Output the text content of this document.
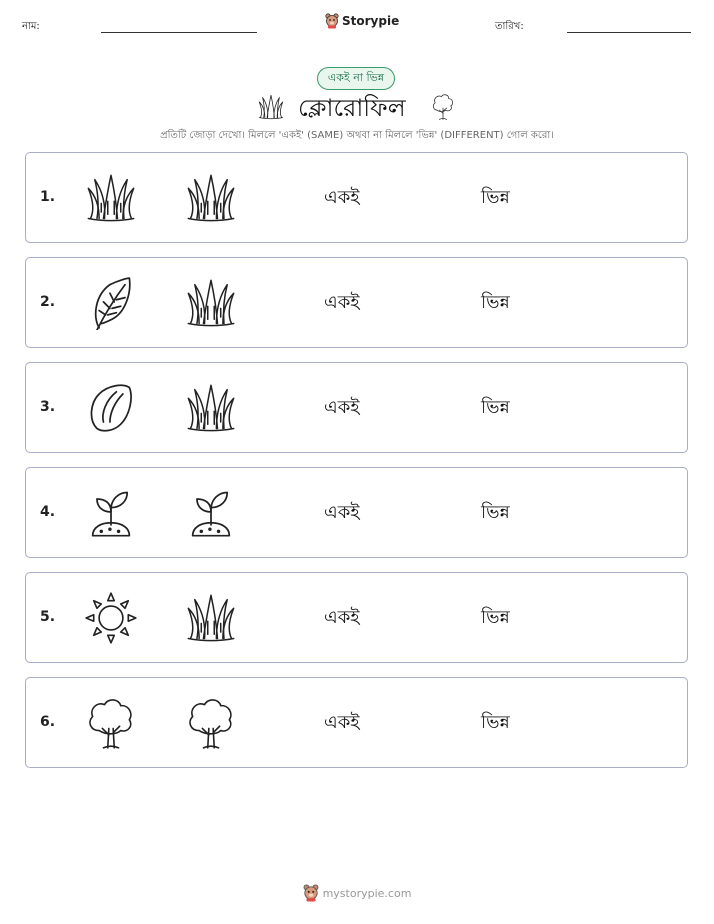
নাম:	Storypie	তারিখ:
একই না ভিন্ন
ক্লোরোফিল
প্রতিটি জোড়া দেখো। মিললে 'একই' (SAME) অথবা না মিললে 'ভিন্ন' (DIFFERENT) গোল করো।
1.	একই	ভিন্ন
2.	একই	ভিন্ন
3.	একই	ভিন্ন
4.	একই	ভিন্ন
5.	একই	ভিন্ন
6.	একই	ভিন্ন
mystorypie.com
